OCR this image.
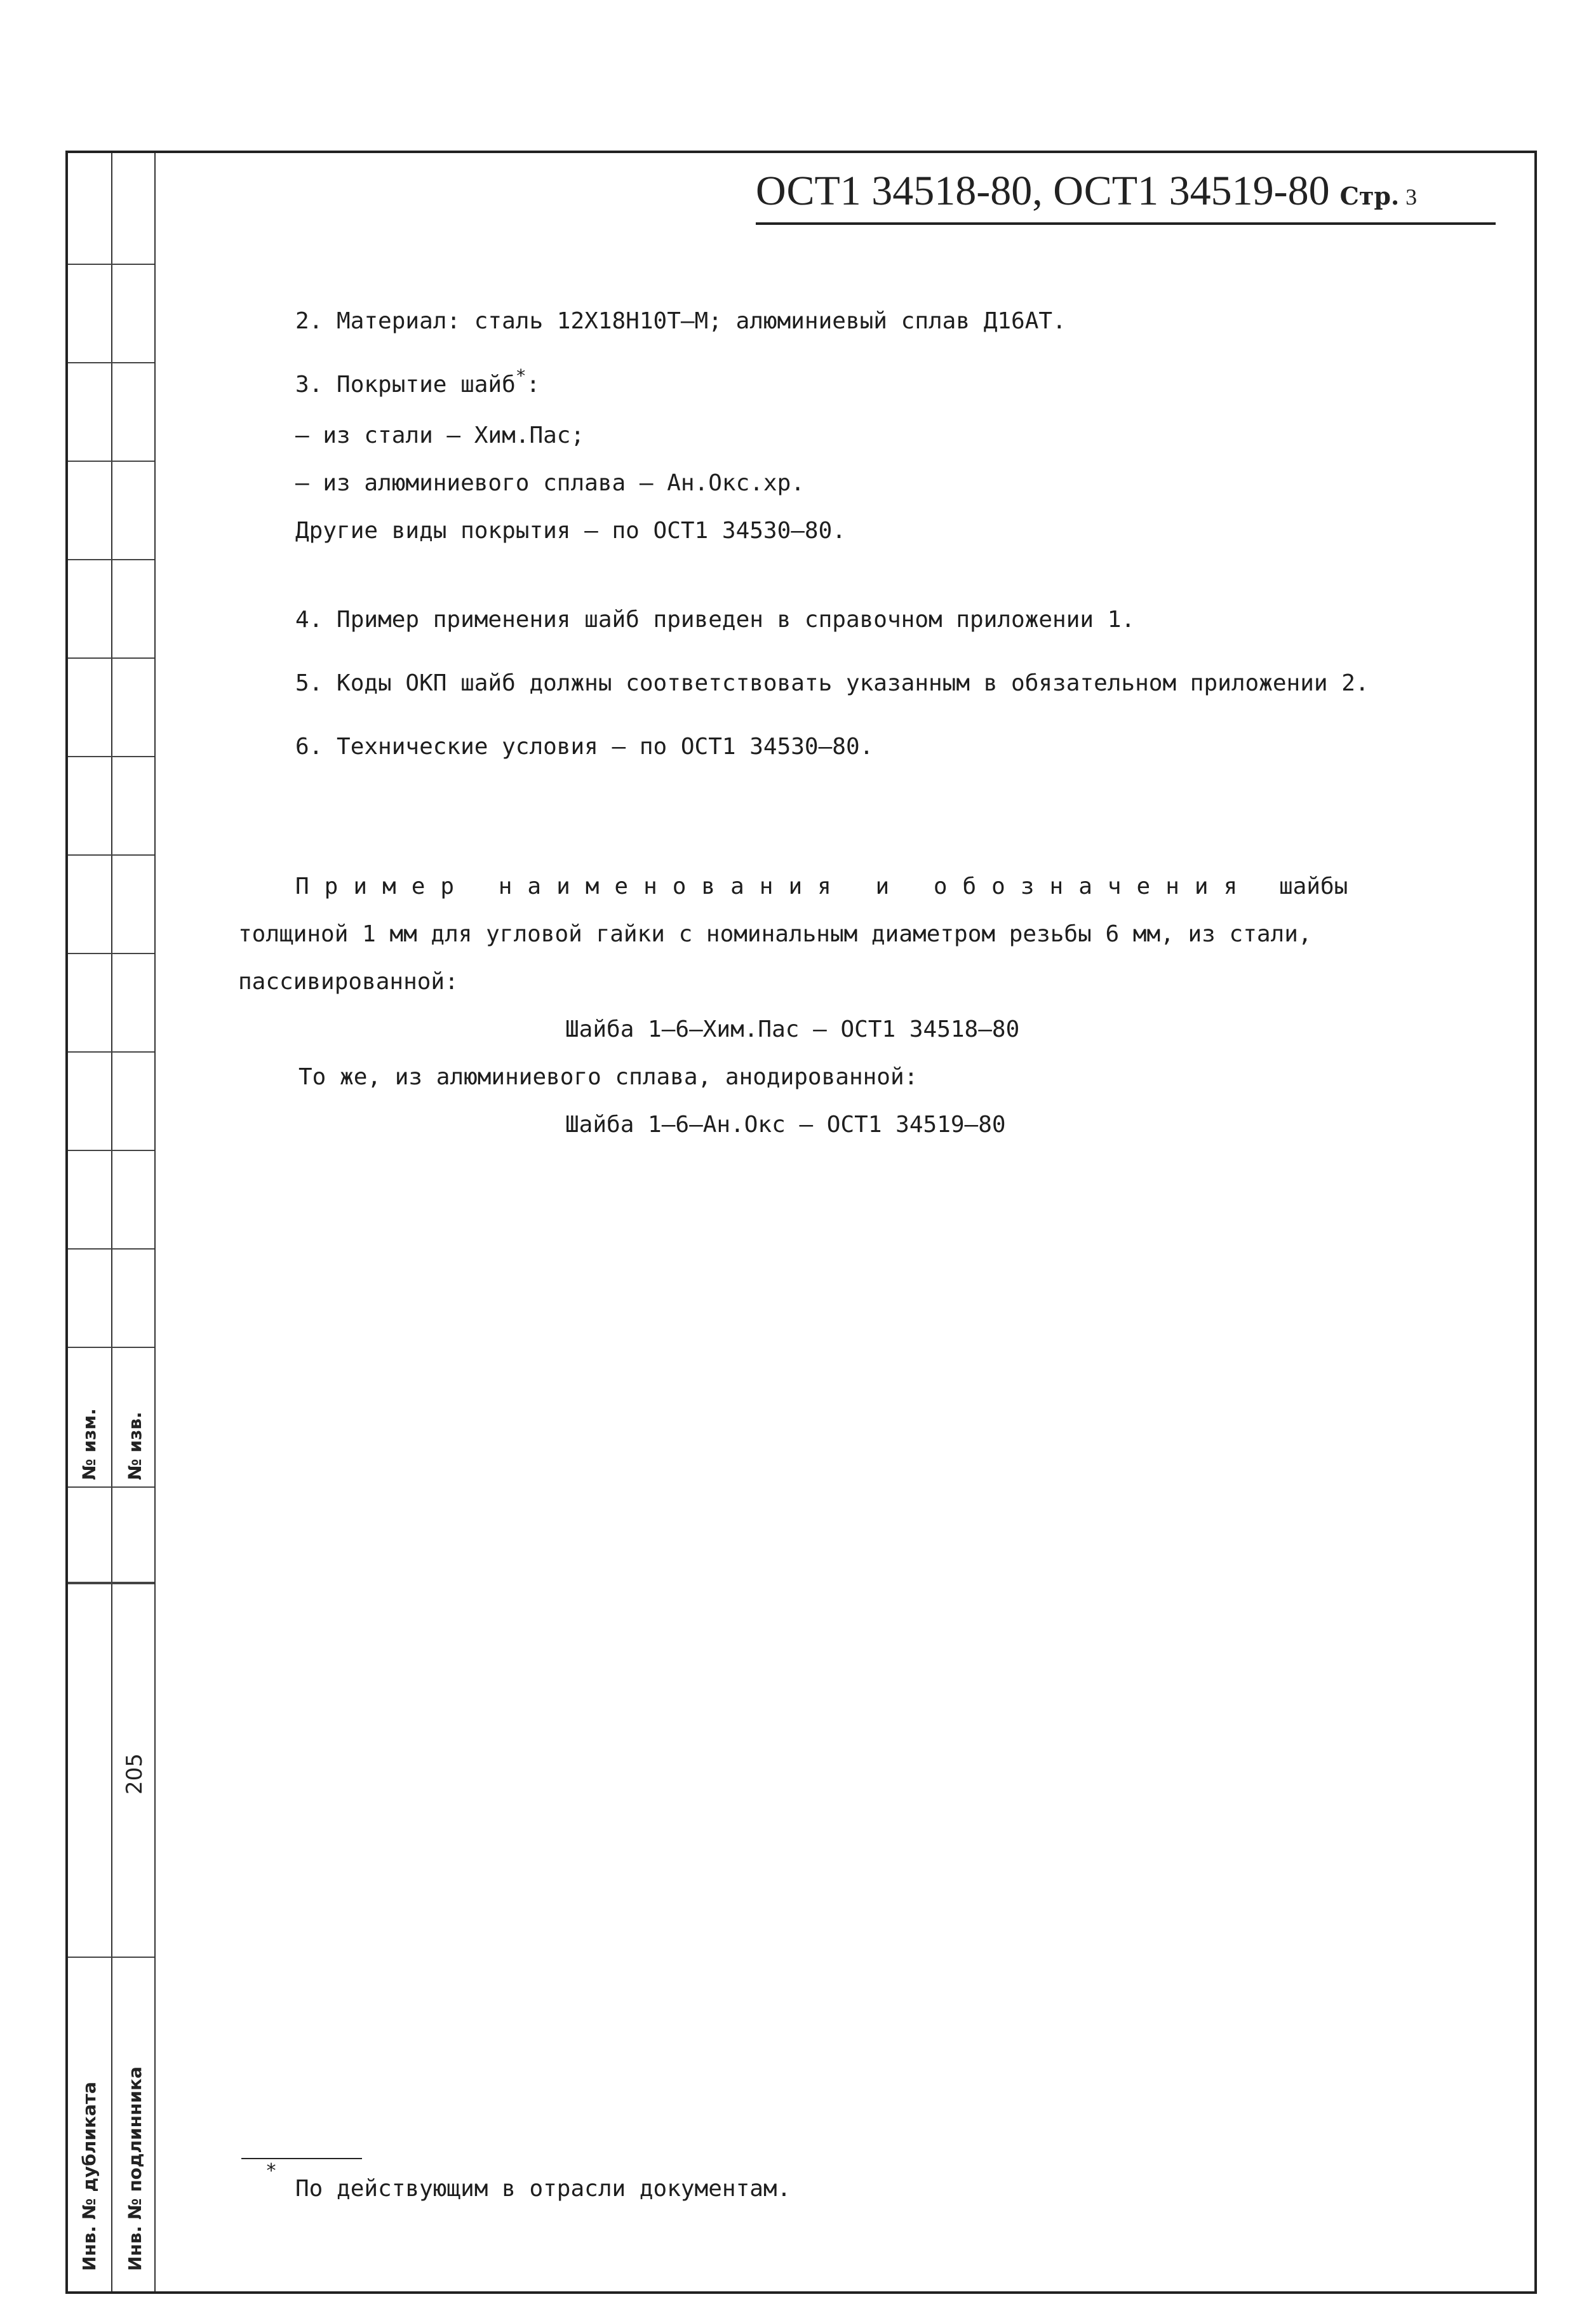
№ изм. № изв.
205
Инв. № дубликата Инв. № подлинника
ОСТ1 34518-80, ОСТ1 34519-80 Стр. 3
2. Материал: сталь 12Х18Н10Т–М; алюминиевый сплав Д16АТ.
3. Покрытие шайб*:
– из стали – Хим.Пас;
– из алюминиевого сплава – Ан.Окс.хр.
Другие виды покрытия – по ОСТ1 34530–80.
4. Пример применения шайб приведен в справочном приложении 1.
5. Коды ОКП шайб должны соответствовать указанным в обязательном приложении 2.
6. Технические условия – по ОСТ1 34530–80.
Пример наименования и обозначения шайбы
толщиной 1 мм для угловой гайки с номинальным диаметром резьбы 6 мм, из стали,
пассивированной:
Шайба 1–6–Хим.Пас – ОСТ1 34518–80
То же, из алюминиевого сплава, анодированной:
Шайба 1–6–Ан.Окс – ОСТ1 34519–80
*
По действующим в отрасли документам.
